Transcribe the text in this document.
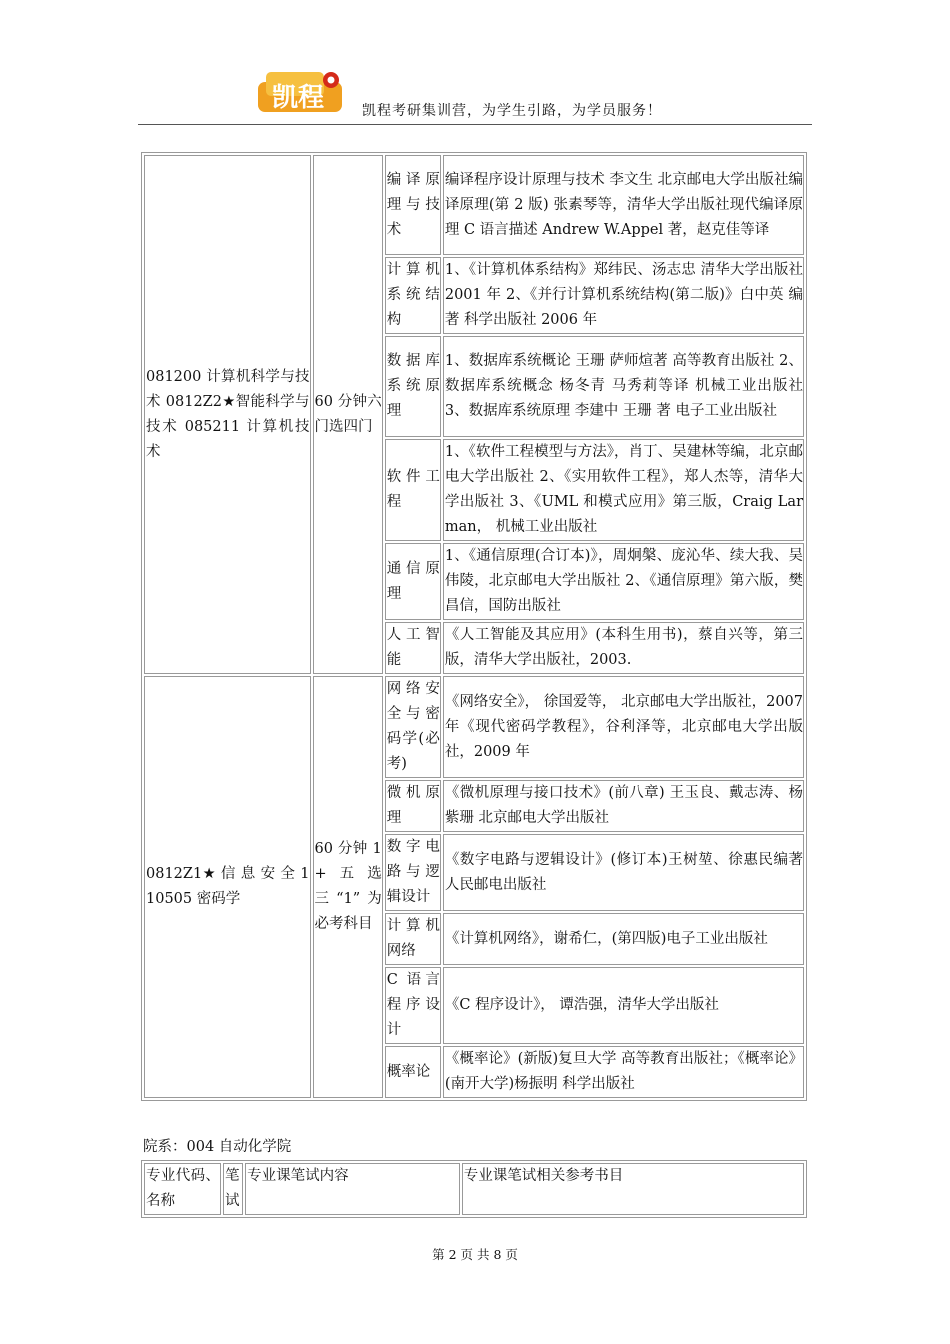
凯程	凯程考研集训营，为学生引路，为学员服务！
081200 计算机科学与技术 0812Z2★智能科学与技术 085211 计算机技术	60 分钟六门选四门	编译原理与技术	编译程序设计原理与技术 李文生 北京邮电大学出版社编译原理(第 2 版) 张素琴等，清华大学出版社现代编译原理 C 语言描述 Andrew W.Appel 著，赵克佳等译
		计算机系统结构	1、《计算机体系结构》郑纬民、汤志忠 清华大学出版社 2001 年 2、《并行计算机系统结构(第二版)》白中英 编著 科学出版社 2006 年
		数据库系统原理	1、数据库系统概论 王珊 萨师煊著 高等教育出版社 2、数据库系统概念 杨冬青 马秀莉等译 机械工业出版社 3、数据库系统原理 李建中 王珊 著 电子工业出版社
		软件工程	1、《软件工程模型与方法》，肖丁、吴建林等编，北京邮电大学出版社 2、《实用软件工程》，郑人杰等，清华大学出版社 3、《UML 和模式应用》第三版，Craig Larman， 机械工业出版社
		通信原理	1、《通信原理(合订本)》，周炯槃、庞沁华、续大我、吴伟陵，北京邮电大学出版社 2、《通信原理》第六版，樊昌信，国防出版社
		人工智能	《人工智能及其应用》(本科生用书)，蔡自兴等，第三版，清华大学出版社，2003.
0812Z1★ 信 息 安 全 110505 密码学	60 分钟 1+五选三“1”为必考科目	网络安全与密码学(必考)	《网络安全》， 徐国爱等， 北京邮电大学出版社，2007 年《现代密码学教程》，谷利泽等，北京邮电大学出版社，2009 年
		微机原理	《微机原理与接口技术》(前八章) 王玉良、戴志涛、杨紫珊 北京邮电大学出版社
		数字电路与逻辑设计	《数字电路与逻辑设计》(修订本)王树堃、徐惠民编著 人民邮电出版社
		计算机网络	《计算机网络》，谢希仁，(第四版)电子工业出版社
		C 语言程序设计	《C 程序设计》， 谭浩强，清华大学出版社
		概率论	《概率论》(新版)复旦大学 高等教育出版社；《概率论》(南开大学)杨振明 科学出版社
院系：004 自动化学院
专业代码、名称	笔试	专业课笔试内容	专业课笔试相关参考书目
第 2 页 共 8 页
